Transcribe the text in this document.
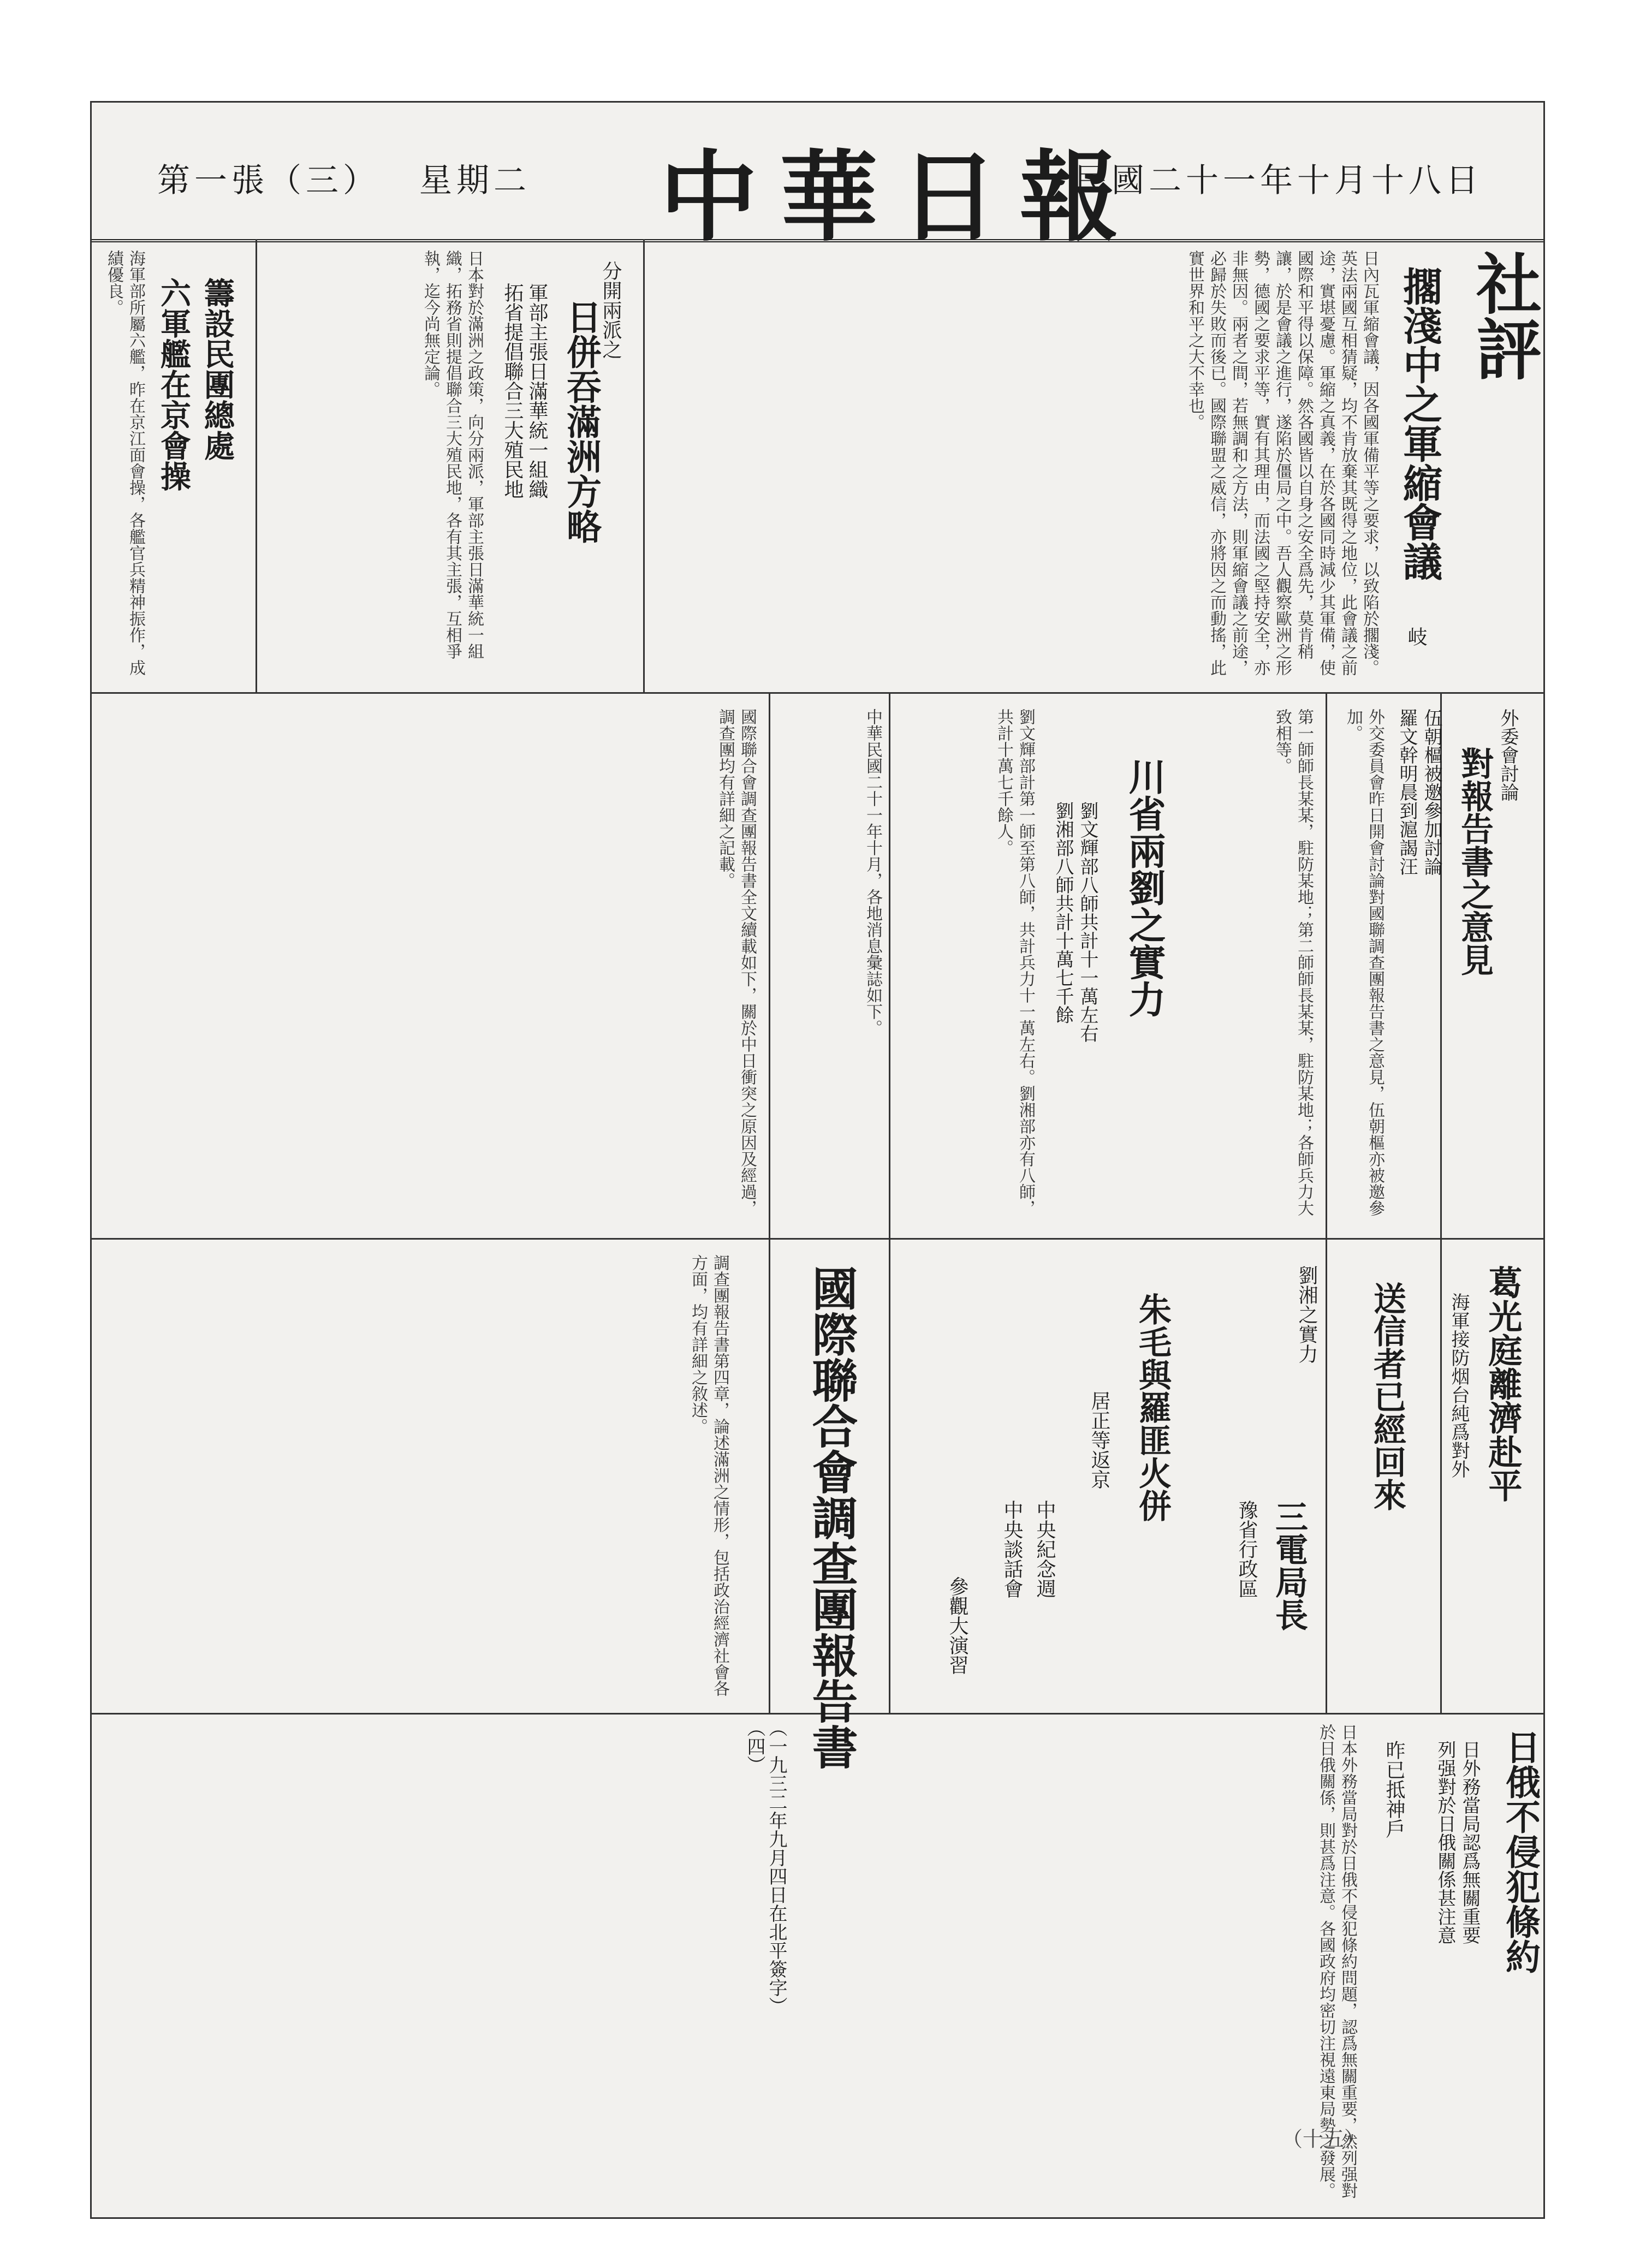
民國二十一年十月十八日
中華日報
星期二
第一張（三）
社評
擱淺中之軍縮會議
岐
日內瓦軍縮會議，因各國軍備平等之要求，以致陷於擱淺。英法兩國互相猜疑，均不肯放棄其既得之地位，此會議之前途，實堪憂慮。軍縮之真義，在於各國同時減少其軍備，使國際和平得以保障。然各國皆以自身之安全爲先，莫肯稍讓，於是會議之進行，遂陷於僵局之中。吾人觀察歐洲之形勢，德國之要求平等，實有其理由，而法國之堅持安全，亦非無因。兩者之間，若無調和之方法，則軍縮會議之前途，必歸於失敗而後已。國際聯盟之威信，亦將因之而動搖，此實世界和平之大不幸也。
分開兩派之
日併吞滿洲方略
軍部主張日滿華統一組織
拓省提倡聯合三大殖民地
日本對於滿洲之政策，向分兩派，軍部主張日滿華統一組織，拓務省則提倡聯合三大殖民地，各有其主張，互相爭執，迄今尚無定論。
籌設民團總處
六軍艦在京會操
海軍部所屬六艦，昨在京江面會操，各艦官兵精神振作，成績優良。
外委會討論
對報告書之意見
伍朝樞被邀參加討論
羅文幹明晨到滬謁汪
外交委員會昨日開會討論對國聯調查團報告書之意見，伍朝樞亦被邀參加。
川省兩劉之實力
劉文輝部八師共計十一萬左右
劉湘部八師共計十萬七千餘
劉文輝部計第一師至第八師，共計兵力十一萬左右。劉湘部亦有八師，共計十萬七千餘人。	第一師師長某某，駐防某地；第二師師長某某，駐防某地；各師兵力大致相等。
中華民國二十一年十月，各地消息彙誌如下。
國際聯合會調查團報告書全文續載如下，關於中日衝突之原因及經過，調查團均有詳細之記載。
國際聯合會調查團報告書
（一九三二年九月四日在北平簽字）
（四）
調查團報告書第四章，論述滿洲之情形，包括政治經濟社會各方面，均有詳細之敘述。	葛光庭離濟赴平
海軍接防烟台純爲對外
送信者已經回來
三電局長
豫省行政區
朱毛與羅匪火併
居正等返京
中央紀念週
中央談話會
參觀大演習
劉湘之實力
日俄不侵犯條約
日外務當局認爲無關重要
列强對於日俄關係甚注意
昨已抵神戶
日本外務當局對於日俄不侵犯條約問題，認爲無關重要，然列强對於日俄關係，則甚爲注意。各國政府均密切注視遠東局勢之發展。
（十五）
